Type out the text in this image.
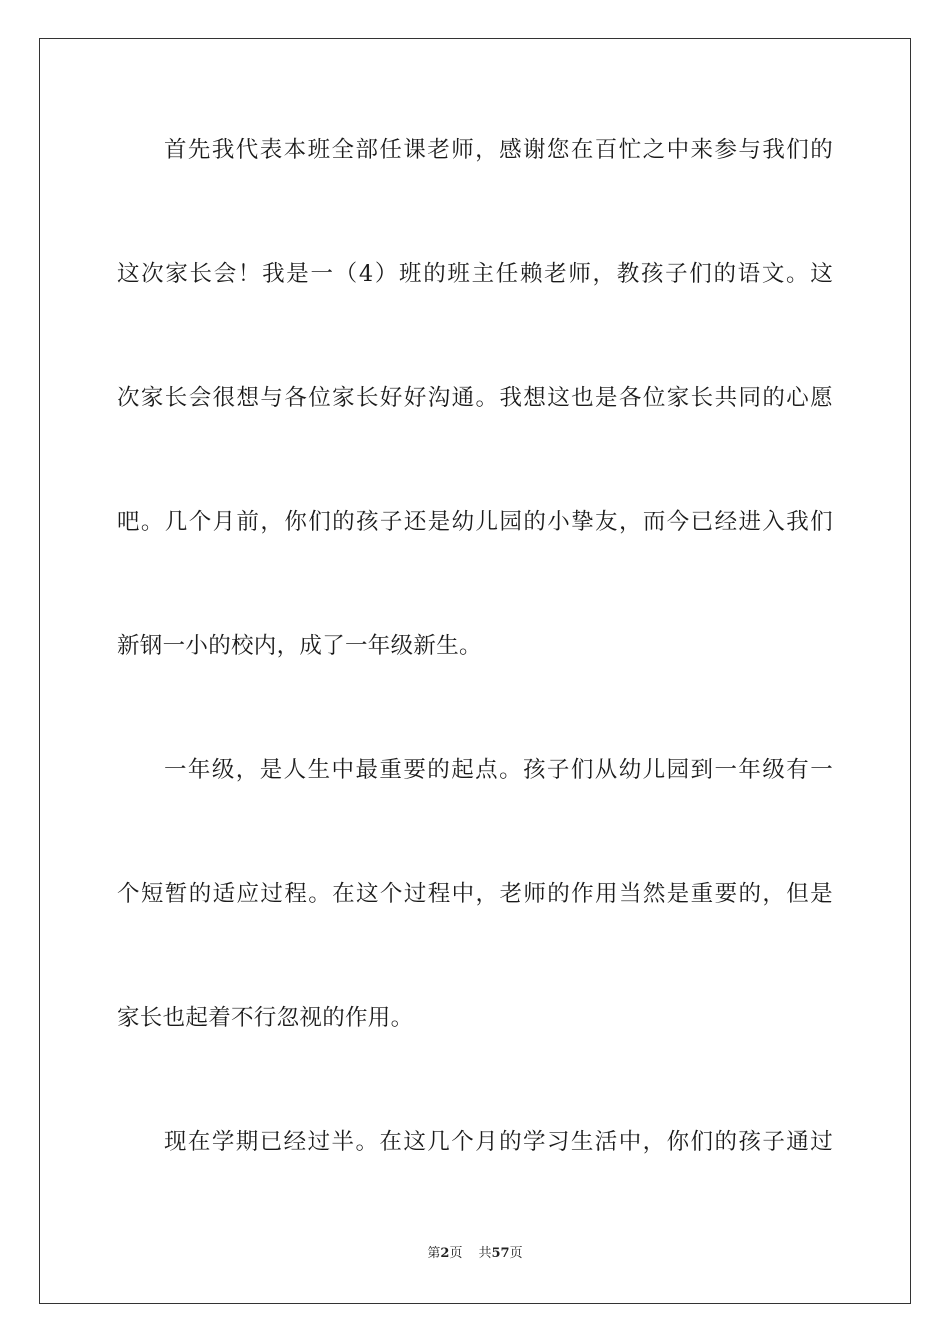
首先我代表本班全部任课老师，感谢您在百忙之中来参与我们的
这次家长会！我是一（4）班的班主任赖老师，教孩子们的语文。这
次家长会很想与各位家长好好沟通。我想这也是各位家长共同的心愿
吧。几个月前，你们的孩子还是幼儿园的小挚友，而今已经进入我们
新钢一小的校内，成了一年级新生。
一年级，是人生中最重要的起点。孩子们从幼儿园到一年级有一
个短暂的适应过程。在这个过程中，老师的作用当然是重要的，但是
家长也起着不行忽视的作用。
现在学期已经过半。在这几个月的学习生活中，你们的孩子通过
第2页 共57页
